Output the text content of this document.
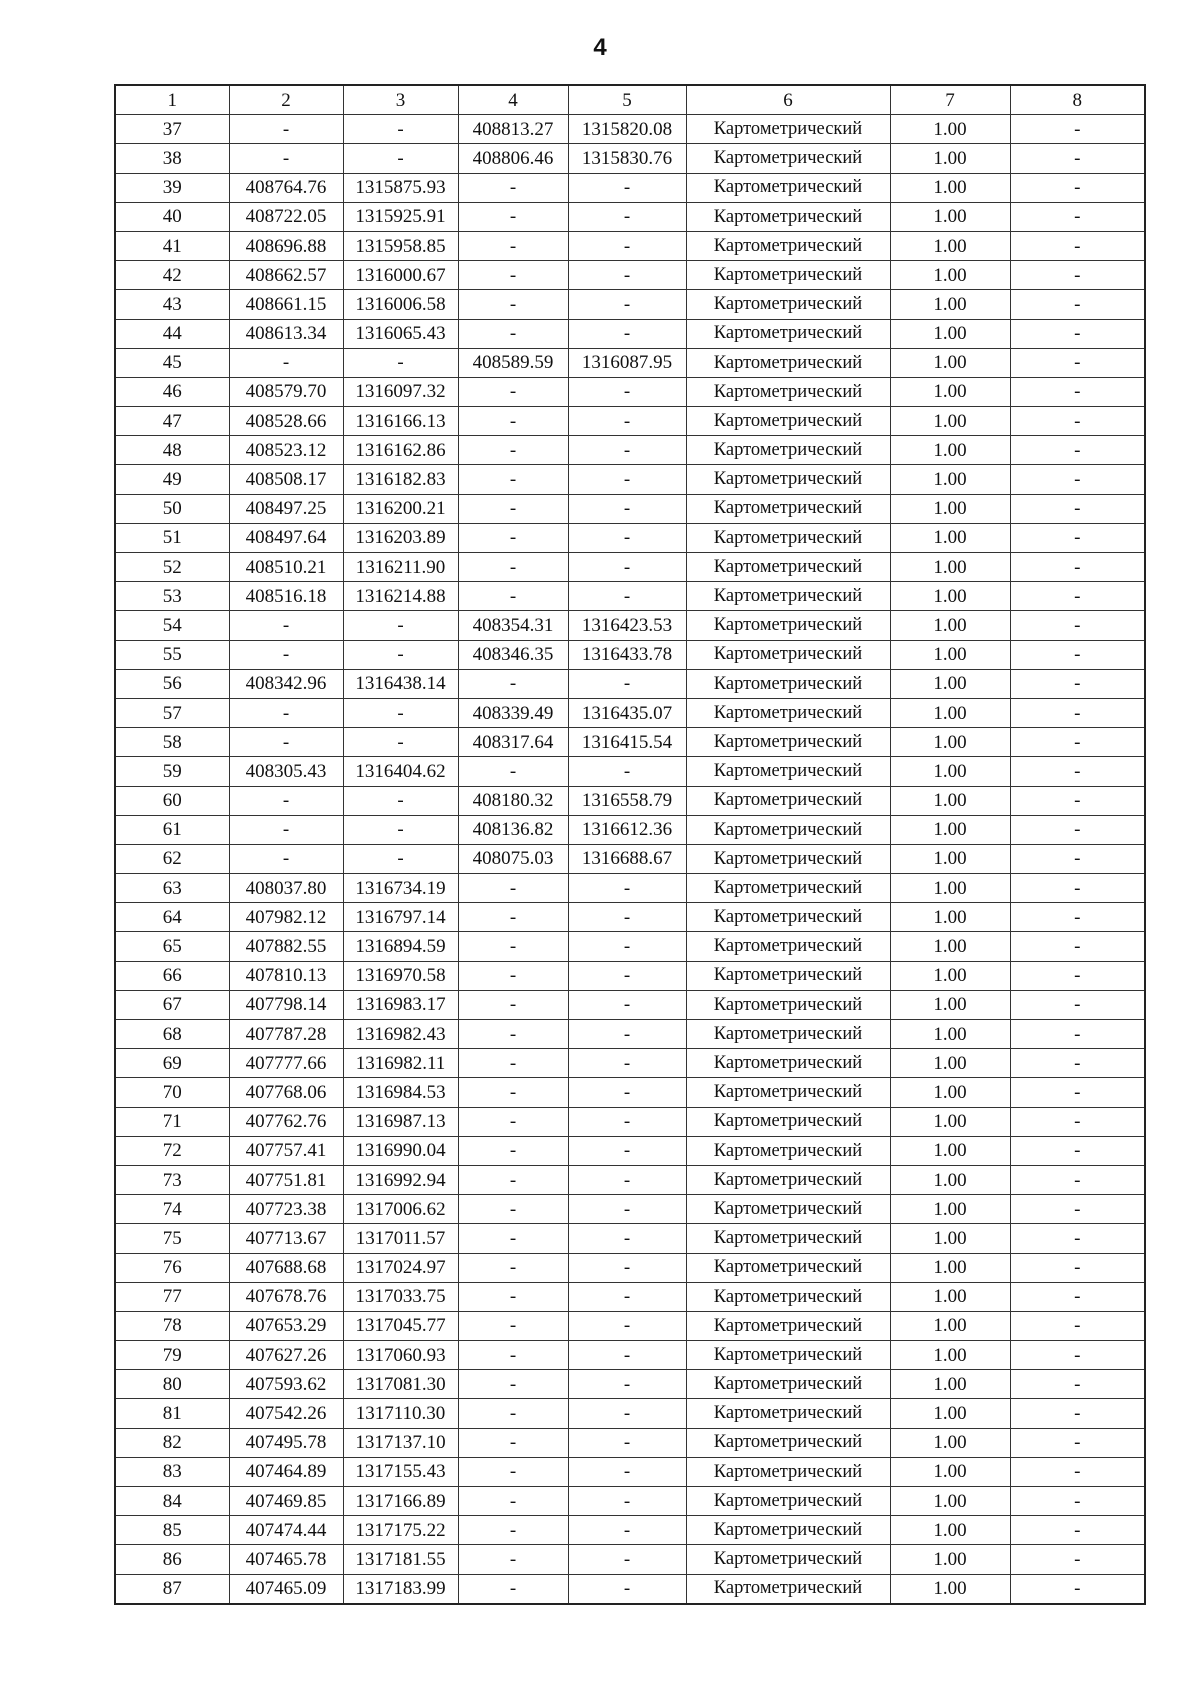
4
1	2	3	4	5	6	7	8
37	-	-	408813.27	1315820.08	Картометрический	1.00	-
38	-	-	408806.46	1315830.76	Картометрический	1.00	-
39	408764.76	1315875.93	-	-	Картометрический	1.00	-
40	408722.05	1315925.91	-	-	Картометрический	1.00	-
41	408696.88	1315958.85	-	-	Картометрический	1.00	-
42	408662.57	1316000.67	-	-	Картометрический	1.00	-
43	408661.15	1316006.58	-	-	Картометрический	1.00	-
44	408613.34	1316065.43	-	-	Картометрический	1.00	-
45	-	-	408589.59	1316087.95	Картометрический	1.00	-
46	408579.70	1316097.32	-	-	Картометрический	1.00	-
47	408528.66	1316166.13	-	-	Картометрический	1.00	-
48	408523.12	1316162.86	-	-	Картометрический	1.00	-
49	408508.17	1316182.83	-	-	Картометрический	1.00	-
50	408497.25	1316200.21	-	-	Картометрический	1.00	-
51	408497.64	1316203.89	-	-	Картометрический	1.00	-
52	408510.21	1316211.90	-	-	Картометрический	1.00	-
53	408516.18	1316214.88	-	-	Картометрический	1.00	-
54	-	-	408354.31	1316423.53	Картометрический	1.00	-
55	-	-	408346.35	1316433.78	Картометрический	1.00	-
56	408342.96	1316438.14	-	-	Картометрический	1.00	-
57	-	-	408339.49	1316435.07	Картометрический	1.00	-
58	-	-	408317.64	1316415.54	Картометрический	1.00	-
59	408305.43	1316404.62	-	-	Картометрический	1.00	-
60	-	-	408180.32	1316558.79	Картометрический	1.00	-
61	-	-	408136.82	1316612.36	Картометрический	1.00	-
62	-	-	408075.03	1316688.67	Картометрический	1.00	-
63	408037.80	1316734.19	-	-	Картометрический	1.00	-
64	407982.12	1316797.14	-	-	Картометрический	1.00	-
65	407882.55	1316894.59	-	-	Картометрический	1.00	-
66	407810.13	1316970.58	-	-	Картометрический	1.00	-
67	407798.14	1316983.17	-	-	Картометрический	1.00	-
68	407787.28	1316982.43	-	-	Картометрический	1.00	-
69	407777.66	1316982.11	-	-	Картометрический	1.00	-
70	407768.06	1316984.53	-	-	Картометрический	1.00	-
71	407762.76	1316987.13	-	-	Картометрический	1.00	-
72	407757.41	1316990.04	-	-	Картометрический	1.00	-
73	407751.81	1316992.94	-	-	Картометрический	1.00	-
74	407723.38	1317006.62	-	-	Картометрический	1.00	-
75	407713.67	1317011.57	-	-	Картометрический	1.00	-
76	407688.68	1317024.97	-	-	Картометрический	1.00	-
77	407678.76	1317033.75	-	-	Картометрический	1.00	-
78	407653.29	1317045.77	-	-	Картометрический	1.00	-
79	407627.26	1317060.93	-	-	Картометрический	1.00	-
80	407593.62	1317081.30	-	-	Картометрический	1.00	-
81	407542.26	1317110.30	-	-	Картометрический	1.00	-
82	407495.78	1317137.10	-	-	Картометрический	1.00	-
83	407464.89	1317155.43	-	-	Картометрический	1.00	-
84	407469.85	1317166.89	-	-	Картометрический	1.00	-
85	407474.44	1317175.22	-	-	Картометрический	1.00	-
86	407465.78	1317181.55	-	-	Картометрический	1.00	-
87	407465.09	1317183.99	-	-	Картометрический	1.00	-
